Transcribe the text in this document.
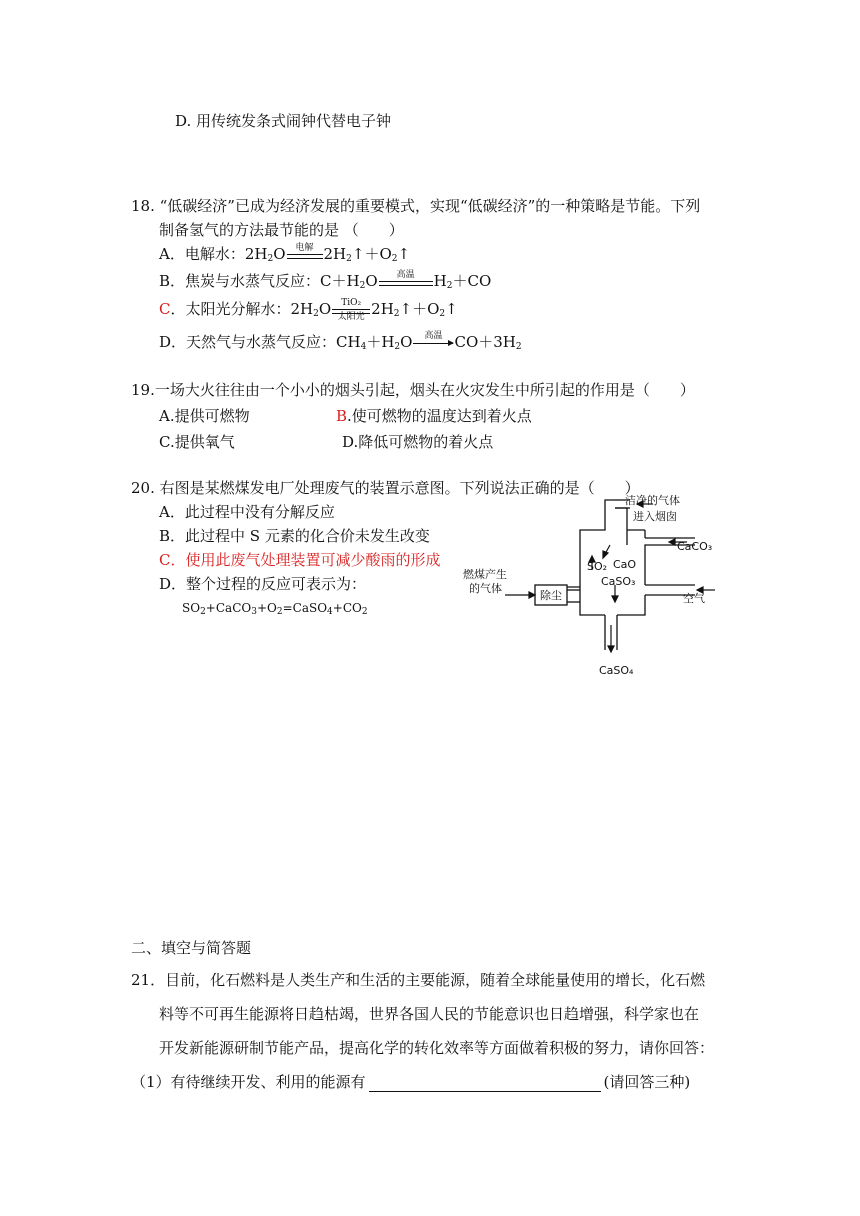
D. 用传统发条式闹钟代替电子钟
18. “低碳经济”已成为经济发展的重要模式，实现“低碳经济”的一种策略是节能。下列
制备氢气的方法最节能的是 （　　）
A．电解水：$2H_2O$	电解 $2H_2↑+O_2↑$
B．焦炭与水蒸气反应：$C+H_2O$	高温	$H_2+CO$
C．太阳光分解水：$2H_2O$	TiO₂
太阳光 $2H_2↑+O_2↑$
D．天然气与水蒸气反应：$CH_4+H_2O$	高温 $CO+3H_2$
19.一场大火往往由一个小小的烟头引起，烟头在火灾发生中所引起的作用是（　　）
A.提供可燃物	B.使可燃物的温度达到着火点
C.提供氧气	D.降低可燃物的着火点
20. 右图是某燃煤发电厂处理废气的装置示意图。下列说法正确的是（　　）
A．此过程中没有分解反应
B．此过程中 S 元素的化合价未发生改变
C．使用此废气处理装置可减少酸雨的形成
D．整个过程的反应可表示为：
$SO_2+CaCO_3+O_2=CaSO_4+CO_2$
洁净的气体
进入烟囱
CaCO₃
SO₂ CaO
CaSO₃
燃煤产生
的气体
除尘	空气
CaSO₄
二、填空与简答题
21．目前，化石燃料是人类生产和生活的主要能源，随着全球能量使用的增长，化石燃
料等不可再生能源将日趋枯竭，世界各国人民的节能意识也日趋增强，科学家也在
开发新能源研制节能产品，提高化学的转化效率等方面做着积极的努力，请你回答：
（1）有待继续开发、利用的能源有	(请回答三种)
